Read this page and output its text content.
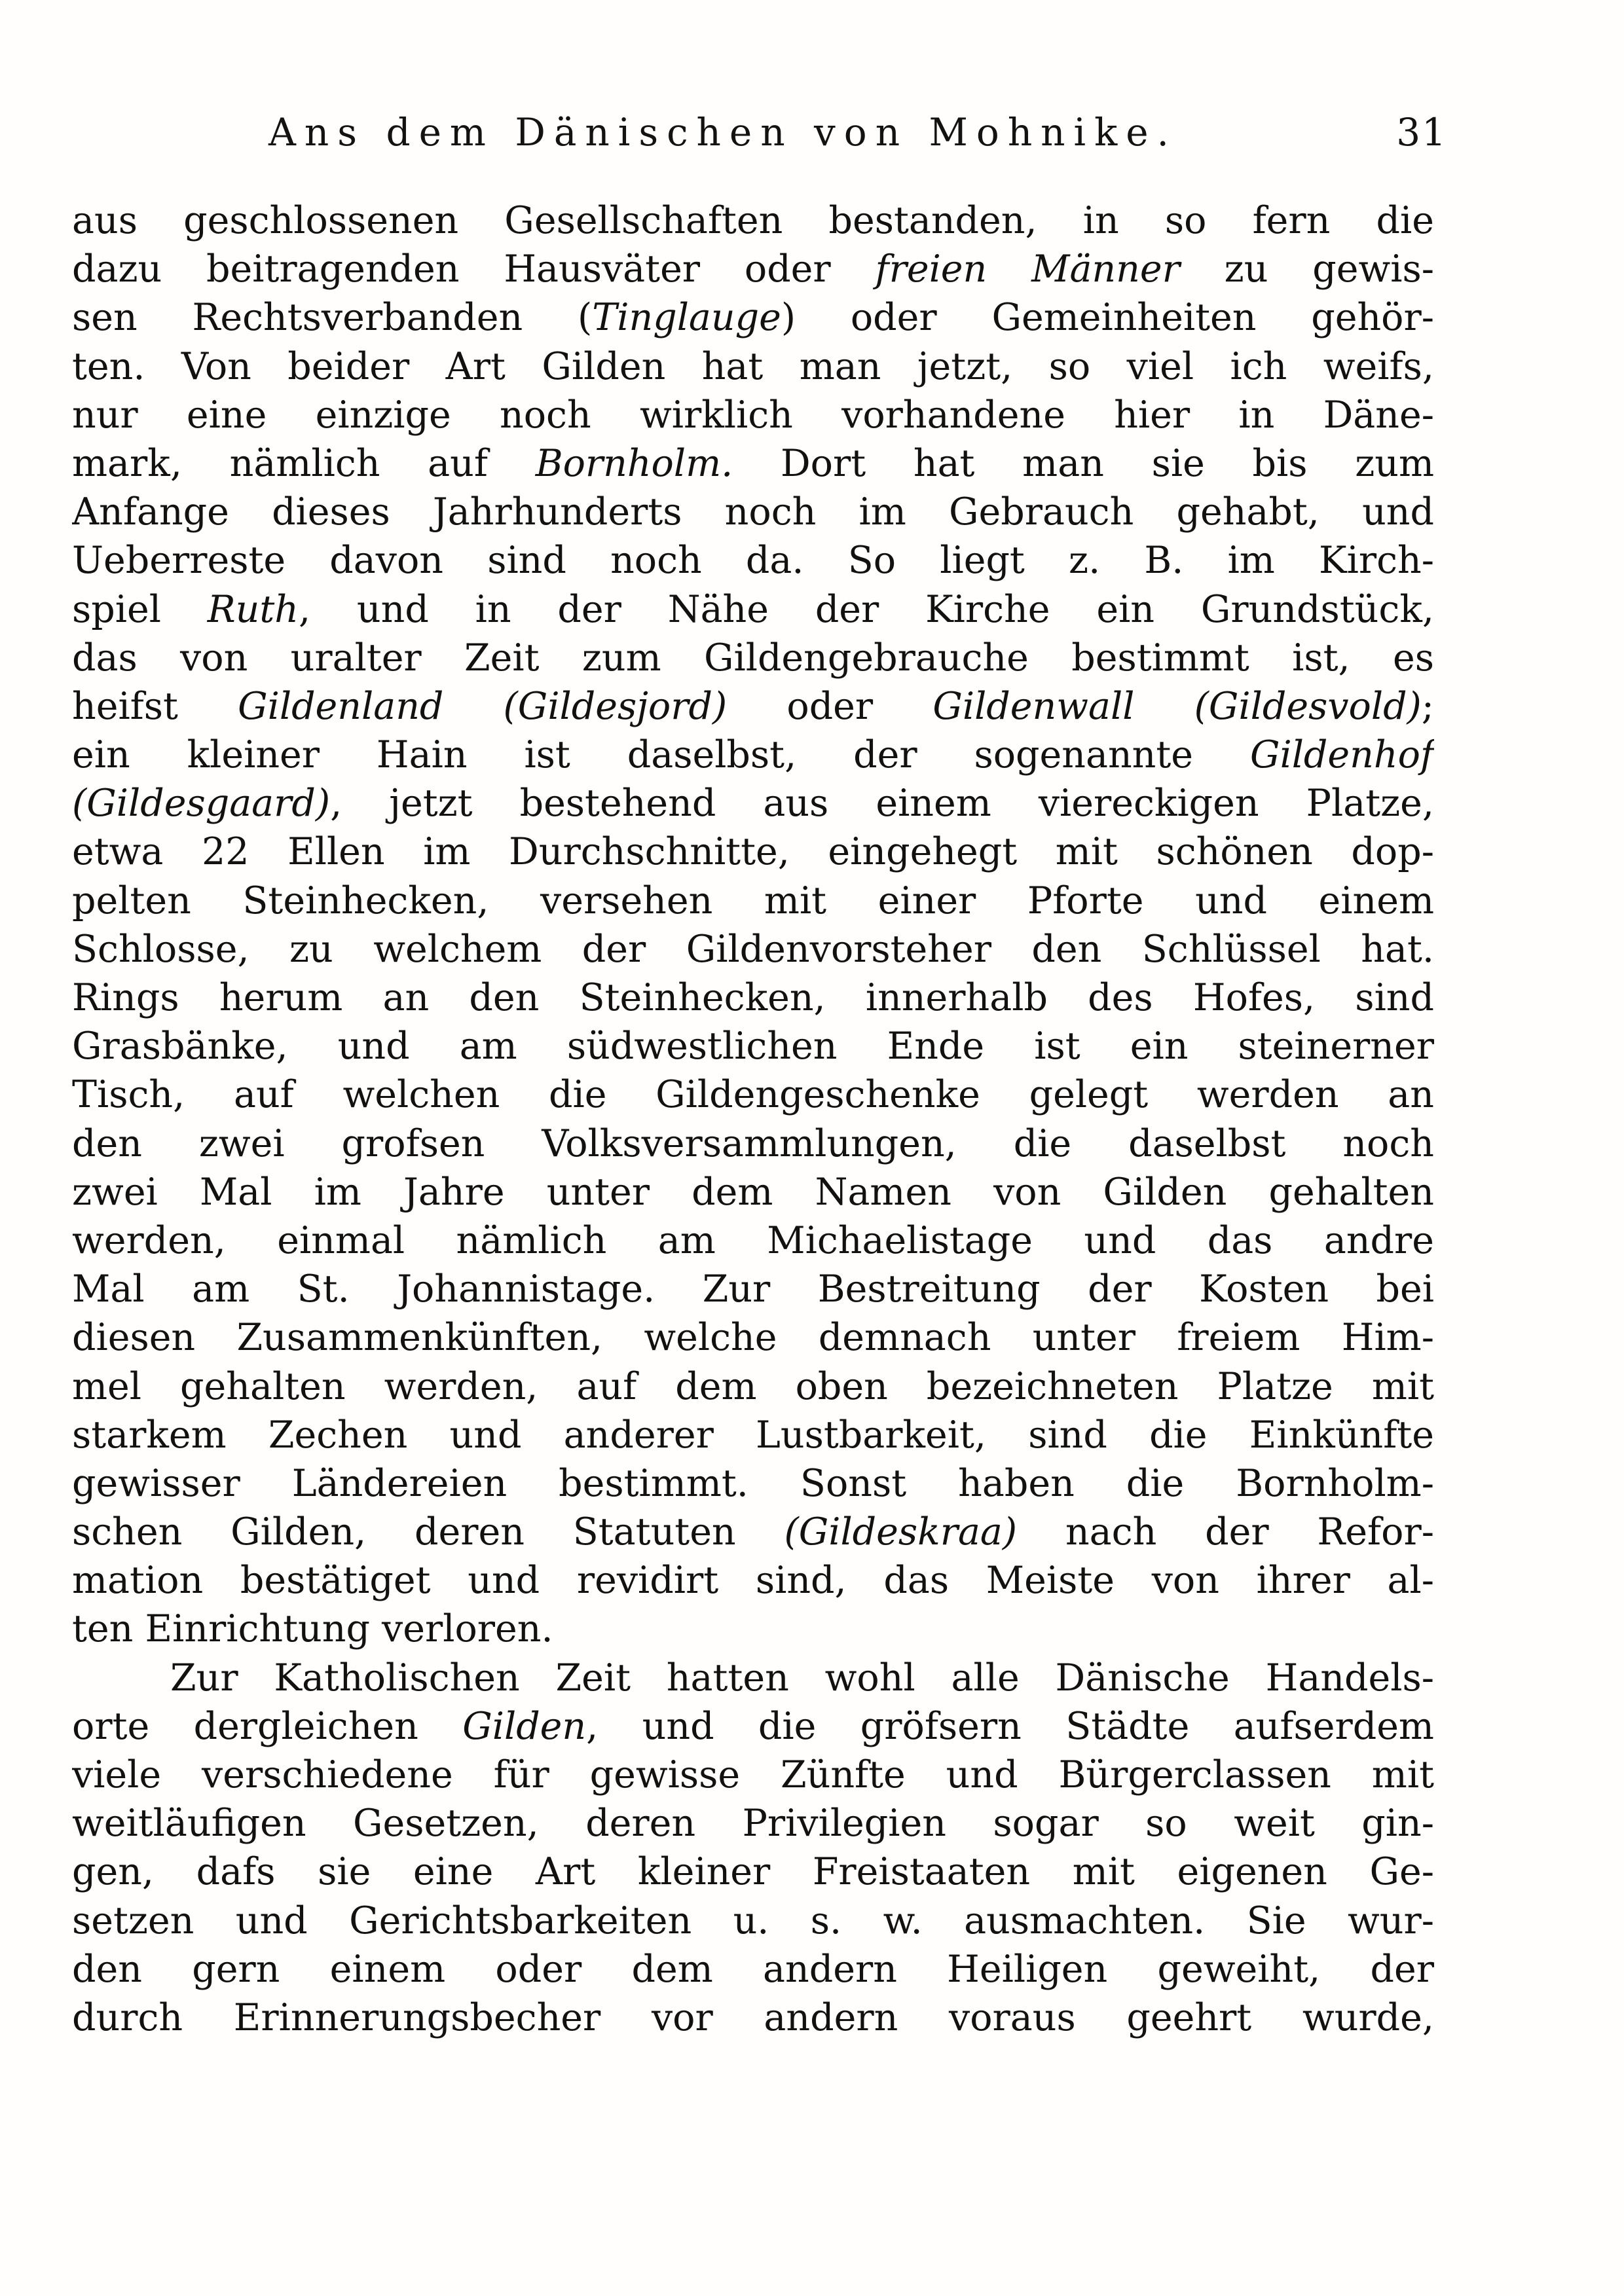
Ans dem Dänischen von Mohnike.	31
aus geschlossenen Gesellschaften bestanden, in so fern die
dazu beitragenden Hausväter oder freien Männer zu gewis-
sen Rechtsverbanden (Tinglauge) oder Gemeinheiten gehör-
ten. Von beider Art Gilden hat man jetzt, so viel ich weifs,
nur eine einzige noch wirklich vorhandene hier in Däne-
mark, nämlich auf Bornholm. Dort hat man sie bis zum
Anfange dieses Jahrhunderts noch im Gebrauch gehabt, und
Ueberreste davon sind noch da. So liegt z. B. im Kirch-
spiel Ruth, und in der Nähe der Kirche ein Grundstück,
das von uralter Zeit zum Gildengebrauche bestimmt ist, es
heifst Gildenland (Gildesjord) oder Gildenwall (Gildesvold);
ein kleiner Hain ist daselbst, der sogenannte Gildenhof
(Gildesgaard), jetzt bestehend aus einem viereckigen Platze,
etwa 22 Ellen im Durchschnitte, eingehegt mit schönen dop-
pelten Steinhecken, versehen mit einer Pforte und einem
Schlosse, zu welchem der Gildenvorsteher den Schlüssel hat.
Rings herum an den Steinhecken, innerhalb des Hofes, sind
Grasbänke, und am südwestlichen Ende ist ein steinerner
Tisch, auf welchen die Gildengeschenke gelegt werden an
den zwei grofsen Volksversammlungen, die daselbst noch
zwei Mal im Jahre unter dem Namen von Gilden gehalten
werden, einmal nämlich am Michaelistage und das andre
Mal am St. Johannistage. Zur Bestreitung der Kosten bei
diesen Zusammenkünften, welche demnach unter freiem Him-
mel gehalten werden, auf dem oben bezeichneten Platze mit
starkem Zechen und anderer Lustbarkeit, sind die Einkünfte
gewisser Ländereien bestimmt. Sonst haben die Bornholm-
schen Gilden, deren Statuten (Gildeskraa) nach der Refor-
mation bestätiget und revidirt sind, das Meiste von ihrer al-
ten Einrichtung verloren.
Zur Katholischen Zeit hatten wohl alle Dänische Handels-
orte dergleichen Gilden, und die gröfsern Städte aufserdem
viele verschiedene für gewisse Zünfte und Bürgerclassen mit
weitläufigen Gesetzen, deren Privilegien sogar so weit gin-
gen, dafs sie eine Art kleiner Freistaaten mit eigenen Ge-
setzen und Gerichtsbarkeiten u. s. w. ausmachten. Sie wur-
den gern einem oder dem andern Heiligen geweiht, der
durch Erinnerungsbecher vor andern voraus geehrt wurde,
